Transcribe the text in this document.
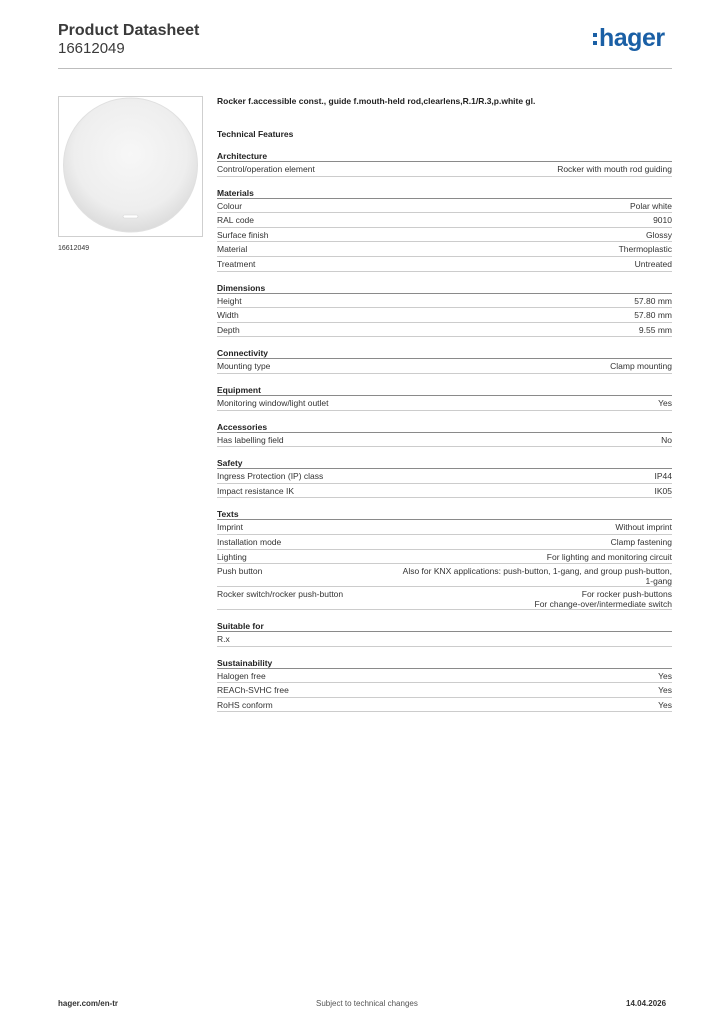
Product Datasheet
16612049	hager
16612049
Rocker f.accessible const., guide f.mouth-held rod,clearlens,R.1/R.3,p.white gl.
Technical Features
Architecture
Control/operation element	Rocker with mouth rod guiding
Materials
Colour	Polar white
RAL code	9010
Surface finish	Glossy
Material	Thermoplastic
Treatment	Untreated
Dimensions
Height	57.80 mm
Width	57.80 mm
Depth	9.55 mm
Connectivity
Mounting type	Clamp mounting
Equipment
Monitoring window/light outlet	Yes
Accessories
Has labelling field	No
Safety
Ingress Protection (IP) class	IP44
Impact resistance IK	IK05
Texts
Imprint	Without imprint
Installation mode	Clamp fastening
Lighting	For lighting and monitoring circuit
Push button	Also for KNX applications: push-button, 1-gang, and group push-button,
1-gang
Rocker switch/rocker push-button	For rocker push-buttons
For change-over/intermediate switch
Suitable for
R.x
Sustainability
Halogen free	Yes
REACh-SVHC free	Yes
RoHS conform	Yes
hager.com/en-tr	Subject to technical changes	14.04.2026
